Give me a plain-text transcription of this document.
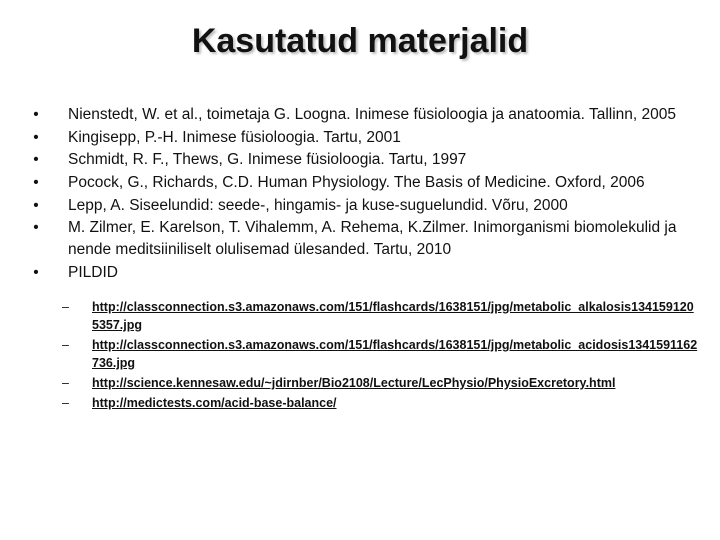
Kasutatud materjalid
• Nienstedt, W. et al., toimetaja G. Loogna. Inimese füsioloogia ja anatoomia. Tallinn, 2005
• Kingisepp, P.-H. Inimese füsioloogia. Tartu, 2001
• Schmidt, R. F., Thews, G. Inimese füsioloogia. Tartu, 1997
• Pocock, G., Richards, C.D. Human Physiology. The Basis of Medicine. Oxford, 2006
• Lepp, A. Siseelundid: seede-, hingamis- ja kuse-suguelundid. Võru, 2000
• M. Zilmer, E. Karelson, T. Vihalemm, A. Rehema, K.Zilmer. Inimorganismi biomolekulid ja nende meditsiiniliselt olulisemad ülesanded. Tartu, 2010
• PILDID
– http://classconnection.s3.amazonaws.com/151/flashcards/1638151/jpg/metabolic_alkalosis1341591205357.jpg
– http://classconnection.s3.amazonaws.com/151/flashcards/1638151/jpg/metabolic_acidosis1341591162736.jpg
– http://science.kennesaw.edu/~jdirnber/Bio2108/Lecture/LecPhysio/PhysioExcretory.html
– http://medictests.com/acid-base-balance/
